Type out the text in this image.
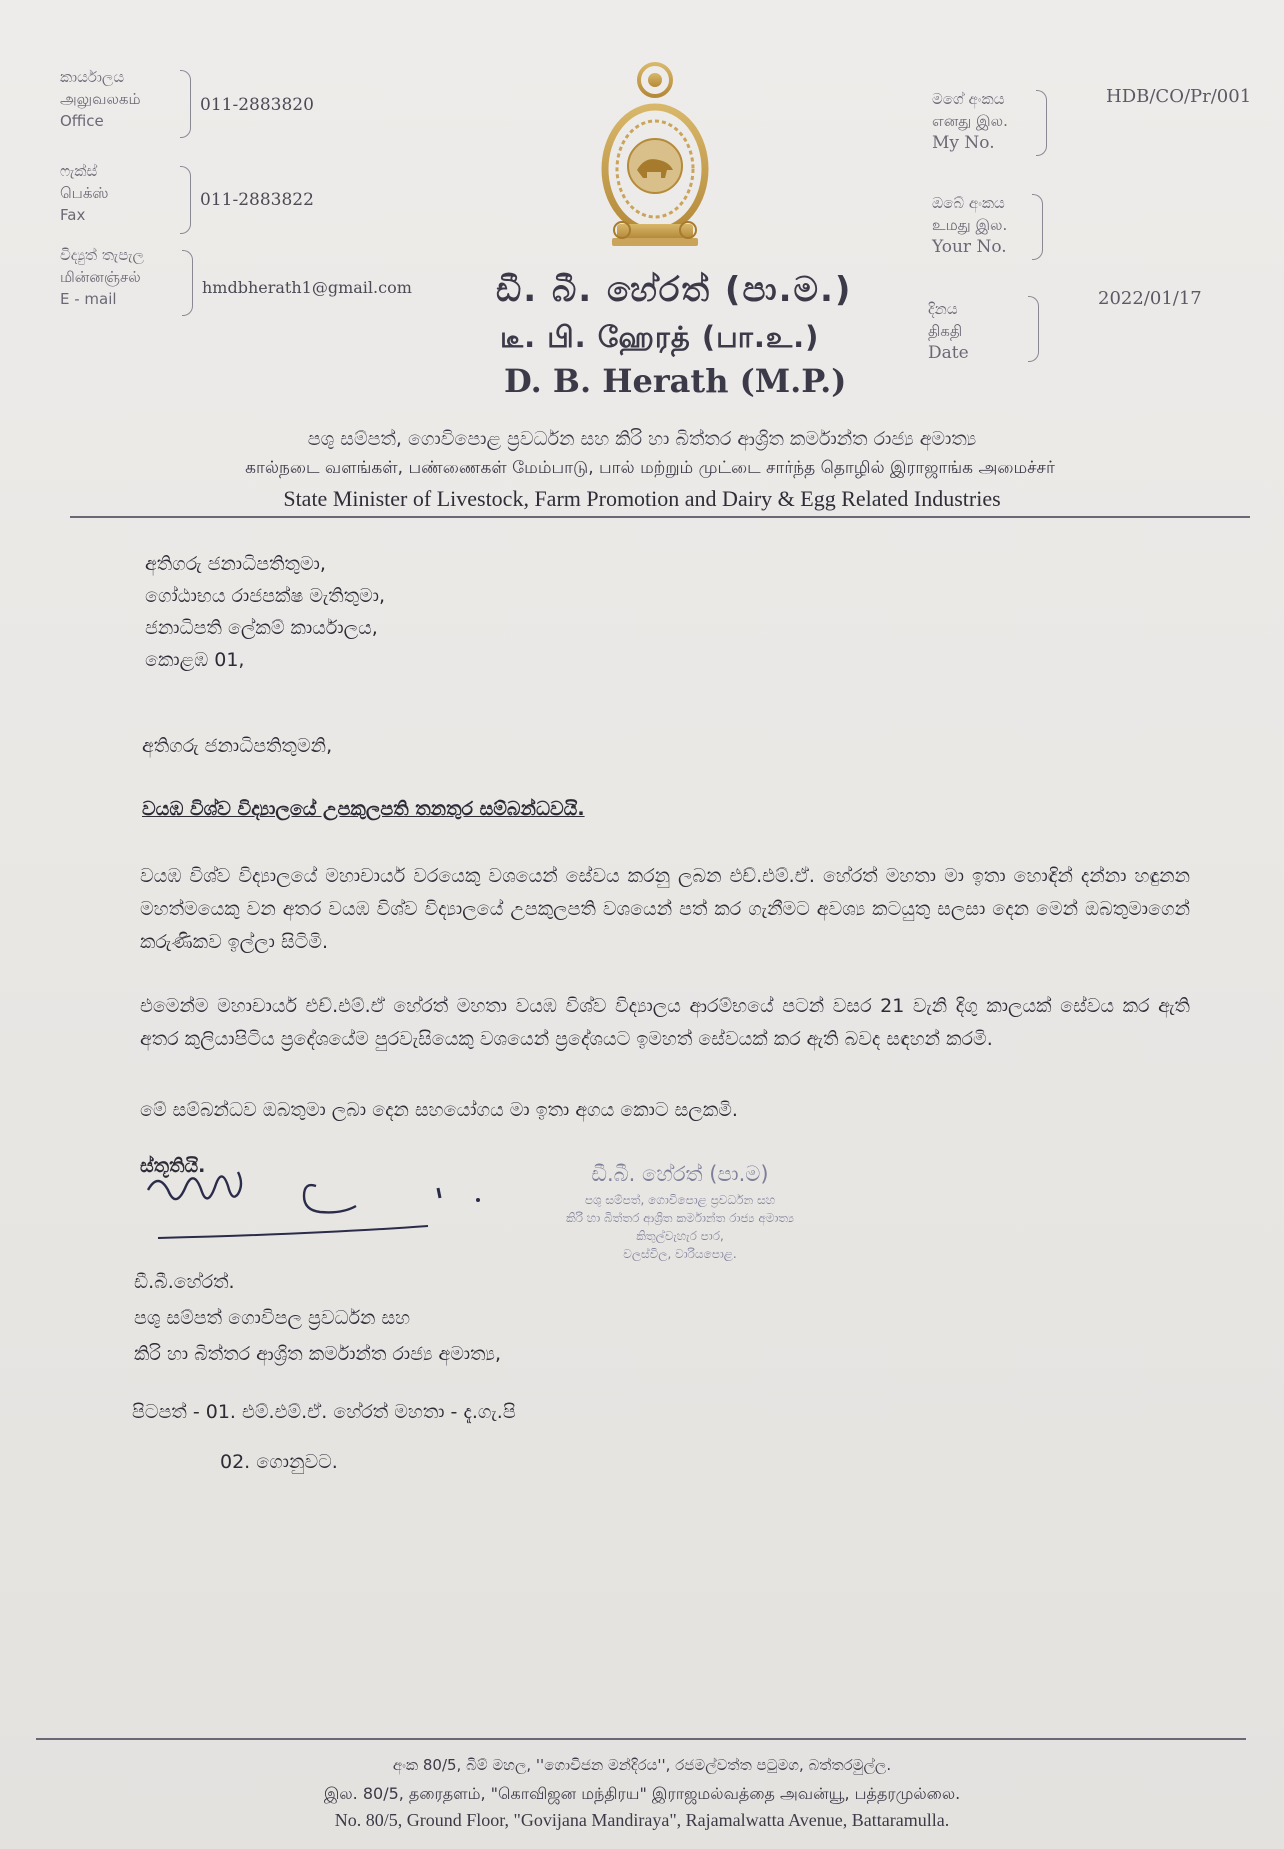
කාර්යාලය
அலுவலகம்
Office
011-2883820
ෆැක්ස්
பெக்ஸ்
Fax
011-2883822
විද්‍යුත් තැපැල
மின்னஞ்சல்
E - mail
hmdbherath1@gmail.com
මගේ අංකය
எனது இல.
My No.
HDB/CO/Pr/001
ඔබේ අංකය
உமது இல.
Your No.
දිනය
திகதி
Date
2022/01/17
ඩී. බී. හේරත් (පා.ම.)
டீ. பி. ஹேரத் (பா.உ.)
D. B. Herath (M.P.)
පශු සම්පත්, ගොවිපොළ ප්‍රවර්ධන සහ කිරි හා බිත්තර ආශ්‍රිත කර්මාන්ත රාජ්‍ය අමාත්‍ය
கால்நடை வளங்கள், பண்ணைகள் மேம்பாடு, பால் மற்றும் முட்டை சார்ந்த தொழில் இராஜாங்க அமைச்சர்
State Minister of Livestock, Farm Promotion and Dairy & Egg Related Industries
අතිගරු ජනාධිපතිතුමා,
ගෝඨාභය රාජපක්ෂ මැතිතුමා,
ජනාධිපති ලේකම් කාර්යාලය,
කොළඹ 01,
අතිගරු ජනාධිපතිතුමනි,
වයඹ විශ්ව විද්‍යාලයේ උපකුලපති තනතුර සම්බන්ධවයි.
වයඹ විශ්ව විද්‍යාලයේ මහාචාර්ය වරයෙකු වශයෙන් සේවය කරනු ලබන එච්.එම්.ඒ. හේරත් මහතා මා ඉතා හොඳින් දන්නා හඳුනන මහත්මයෙකු වන අතර වයඹ විශ්ව විද්‍යාලයේ උපකුලපති වශයෙන් පත් කර ගැනීමට අවශ්‍ය කටයුතු සලසා දෙන මෙන් ඔබතුමාගෙන් කරුණිකව ඉල්ලා සිටිමි.
එමෙන්ම මහාචාර්ය එච්.එම්.ඒ හේරත් මහතා වයඹ විශ්ව විද්‍යාලය ආරම්භයේ පටන් වසර 21 වැනි දිගු කාලයක් සේවය කර ඇති අතර කුලියාපිටිය ප්‍රදේශයේම පුරවැසියෙකු වශයෙන් ප්‍රදේශයට ඉමහත් සේවයක් කර ඇති බවද සඳහන් කරමි.
මේ සම්බන්ධව ඔබතුමා ලබා දෙන සහයෝගය මා ඉතා අගය කොට සලකමි.
ස්තූතියි.	ඩී.බී. හේරත් (පා.ම)
පශු සම්පත්, ගොවිපොළ ප්‍රවර්ධන සහ
කිරි හා බිත්තර ආශ්‍රිත කර්මාන්ත රාජ්‍ය අමාත්‍ය
කිතුල්වැහැර පාර,
වලස්විල, වාරියපොළ.
ඩී.බී.හේරත්.
පශු සම්පත් ගොවිපල ප්‍රවර්ධන සහ
කිරි හා බිත්තර ආශ්‍රිත කර්මාන්ත රාජ්‍ය අමාත්‍ය,
පිටපත් - 01. එම්.එම්.ඒ. හේරත් මහතා - දැ.ගැ.පි
02. ගොනුවට.
අංක 80/5, බිම් මහල, ''ගොවිජන මන්දිරය'', රජමල්වත්ත පටුමග, බත්තරමුල්ල.
இல. 80/5, தரைதளம், "கொவிஜன மந்திரய" இராஜமல்வத்தை அவன்யூ, பத்தரமுல்லை.
No. 80/5, Ground Floor, "Govijana Mandiraya", Rajamalwatta Avenue, Battaramulla.
